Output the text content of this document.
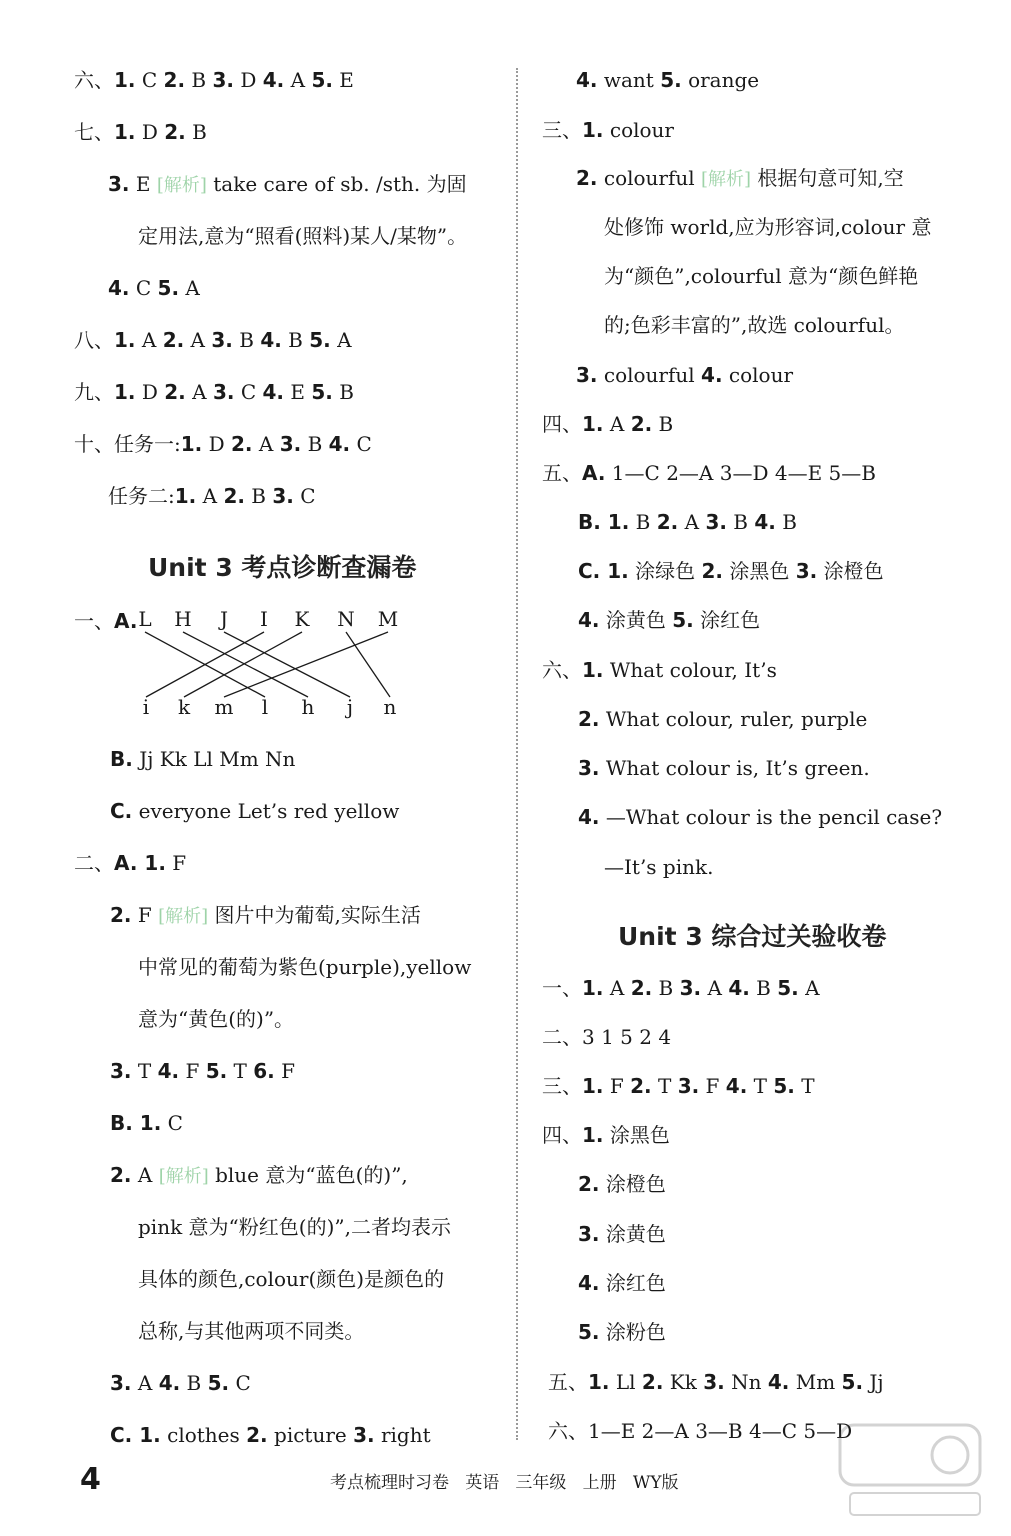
六、1. C 2. B 3. D 4. A 5. E
七、1. D 2. B
3. E [解析] take care of sb. /sth. 为固
定用法,意为“照看(照料)某人/某物”。
4. C 5. A
八、1. A 2. A 3. B 4. B 5. A
九、1. D 2. A 3. C 4. E 5. B
十、任务一:1. D 2. A 3. B 4. C
任务二:1. A 2. B 3. C
Unit 3 考点诊断查漏卷
一、A. L H J I K N M
i k m l h j n
B. Jj Kk Ll Mm Nn
C. everyone Let’s red yellow
二、A. 1. F
2. F [解析] 图片中为葡萄,实际生活
中常见的葡萄为紫色(purple),yellow
意为“黄色(的)”。
3. T 4. F 5. T 6. F
B. 1. C
2. A [解析] blue 意为“蓝色(的)”,
pink 意为“粉红色(的)”,二者均表示
具体的颜色,colour(颜色)是颜色的
总称,与其他两项不同类。
3. A 4. B 5. C
C. 1. clothes 2. picture 3. right
4. want 5. orange
三、1. colour
2. colourful [解析] 根据句意可知,空
处修饰 world,应为形容词,colour 意
为“颜色”,colourful 意为“颜色鲜艳
的;色彩丰富的”,故选 colourful。
3. colourful 4. colour
四、1. A 2. B
五、A. 1—C 2—A 3—D 4—E 5—B
B. 1. B 2. A 3. B 4. B
C. 1. 涂绿色 2. 涂黑色 3. 涂橙色
4. 涂黄色 5. 涂红色
六、1. What colour, It’s
2. What colour, ruler, purple
3. What colour is, It’s green.
4. —What colour is the pencil case?
—It’s pink.
Unit 3 综合过关验收卷
一、1. A 2. B 3. A 4. B 5. A
二、3 1 5 2 4
三、1. F 2. T 3. F 4. T 5. T
四、1. 涂黑色
2. 涂橙色
3. 涂黄色
4. 涂红色
5. 涂粉色
五、1. Ll 2. Kk 3. Nn 4. Mm 5. Jj
六、1—E 2—A 3—B 4—C 5—D
4	考点梳理时习卷   英语   三年级   上册   WY版
